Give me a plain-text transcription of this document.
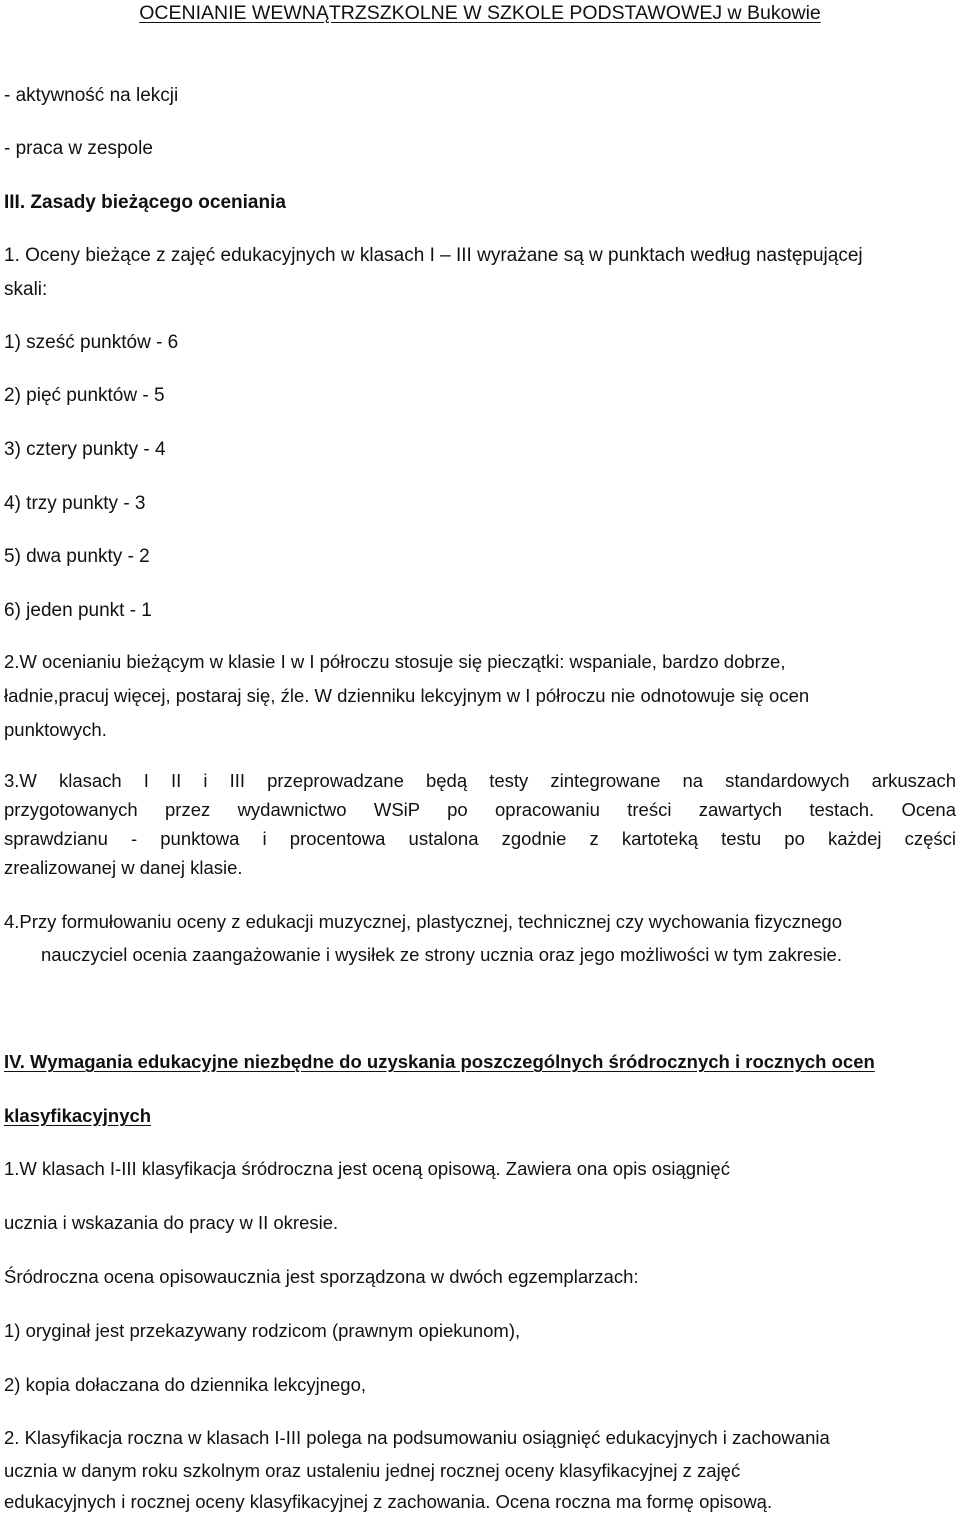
OCENIANIE WEWNĄTRZSZKOLNE W SZKOLE PODSTAWOWEJ w Bukowie
- aktywność na lekcji
- praca w zespole
III. Zasady bieżącego oceniania
1. Oceny bieżące z zajęć edukacyjnych w klasach I – III wyrażane są w punktach według następującej
skali:
1) sześć punktów - 6
2) pięć punktów - 5
3) cztery punkty - 4
4) trzy punkty - 3
5) dwa punkty - 2
6) jeden punkt - 1
2.W ocenianiu bieżącym w klasie I w I półroczu stosuje się pieczątki: wspaniale, bardzo dobrze,
ładnie,pracuj więcej, postaraj się, źle. W dzienniku lekcyjnym w I półroczu nie odnotowuje się ocen
punktowych.
3.W klasach I II i III przeprowadzane będą testy zintegrowane na standardowych arkuszach
przygotowanych przez wydawnictwo WSiP po opracowaniu treści zawartych testach. Ocena
sprawdzianu - punktowa i procentowa ustalona zgodnie z kartoteką testu po każdej części
zrealizowanej w danej klasie.
4.Przy formułowaniu oceny z edukacji muzycznej, plastycznej, technicznej czy wychowania fizycznego
nauczyciel ocenia zaangażowanie i wysiłek ze strony ucznia oraz jego możliwości w tym zakresie.
IV. Wymagania edukacyjne niezbędne do uzyskania poszczególnych śródrocznych i rocznych ocen
klasyfikacyjnych
1.W klasach I-III klasyfikacja śródroczna jest oceną opisową. Zawiera ona opis osiągnięć
ucznia i wskazania do pracy w II okresie.
Śródroczna ocena opisowaucznia jest sporządzona w dwóch egzemplarzach:
1) oryginał jest przekazywany rodzicom (prawnym opiekunom),
2) kopia dołaczana do dziennika lekcyjnego,
2. Klasyfikacja roczna w klasach I-III polega na podsumowaniu osiągnięć edukacyjnych i zachowania
ucznia w danym roku szkolnym oraz ustaleniu jednej rocznej oceny klasyfikacyjnej z zajęć
edukacyjnych i rocznej oceny klasyfikacyjnej z zachowania. Ocena roczna ma formę opisową.
